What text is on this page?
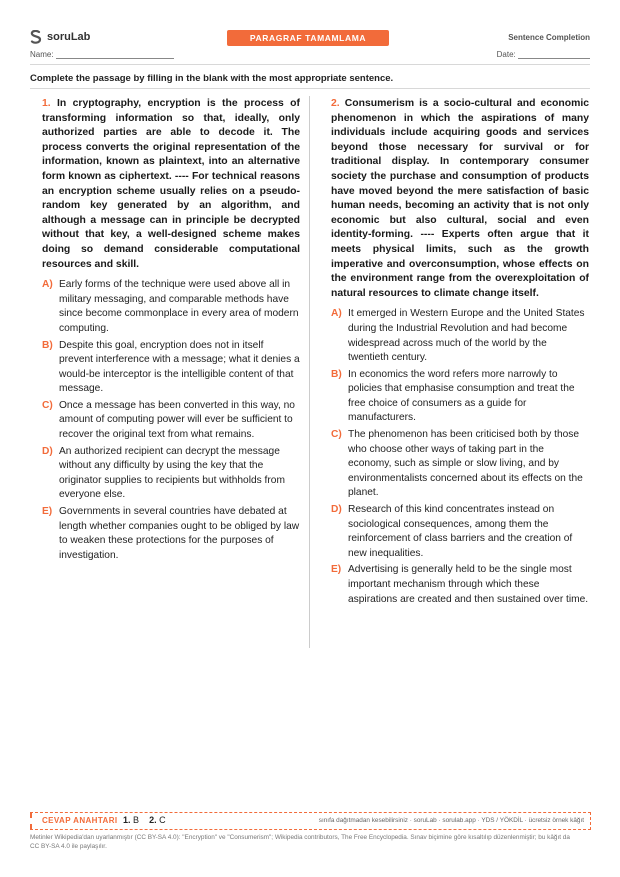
soruLab	PARAGRAF TAMAMLAMA	Sentence Completion
Name:	Date:
Complete the passage by filling in the blank with the most appropriate sentence.
1. In cryptography, encryption is the process of transforming information so that, ideally, only authorized parties are able to decode it. The process converts the original representation of the information, known as plaintext, into an alternative form known as ciphertext. ---- For technical reasons an encryption scheme usually relies on a pseudo-random key generated by an algorithm, and although a message can in principle be decrypted without that key, a well-designed scheme makes doing so demand considerable computational resources and skill.
A) Early forms of the technique were used above all in military messaging, and comparable methods have since become commonplace in every area of modern computing.
B) Despite this goal, encryption does not in itself prevent interference with a message; what it denies a would-be interceptor is the intelligible content of that message.
C) Once a message has been converted in this way, no amount of computing power will ever be sufficient to recover the original text from what remains.
D) An authorized recipient can decrypt the message without any difficulty by using the key that the originator supplies to recipients but withholds from everyone else.
E) Governments in several countries have debated at length whether companies ought to be obliged by law to weaken these protections for the purposes of investigation.
2. Consumerism is a socio-cultural and economic phenomenon in which the aspirations of many individuals include acquiring goods and services beyond those necessary for survival or for traditional display. In contemporary consumer society the purchase and consumption of products have moved beyond the mere satisfaction of basic human needs, becoming an activity that is not only economic but also cultural, social and even identity-forming. ---- Experts often argue that it meets physical limits, such as the growth imperative and overconsumption, whose effects on the environment range from the overexploitation of natural resources to climate change itself.
A) It emerged in Western Europe and the United States during the Industrial Revolution and had become widespread across much of the world by the twentieth century.
B) In economics the word refers more narrowly to policies that emphasise consumption and treat the free choice of consumers as a guide for manufacturers.
C) The phenomenon has been criticised both by those who choose other ways of taking part in the economy, such as simple or slow living, and by environmentalists concerned about its effects on the planet.
D) Research of this kind concentrates instead on sociological consequences, among them the reinforcement of class barriers and the creation of new inequalities.
E) Advertising is generally held to be the single most important mechanism through which these aspirations are created and then sustained over time.
CEVAP ANAHTARI 1. B 2. C	sınıfa dağıtmadan kesebilirsiniz · soruLab · sorulab.app · YDS / YÖKDİL · ücretsiz örnek kâğıt
Metinler Wikipedia'dan uyarlanmıştır (CC BY-SA 4.0): "Encryption" ve "Consumerism"; Wikipedia contributors, The Free Encyclopedia. Sınav biçimine göre kısaltılıp düzenlenmiştir; bu kâğıt da CC BY-SA 4.0 ile paylaşılır.
